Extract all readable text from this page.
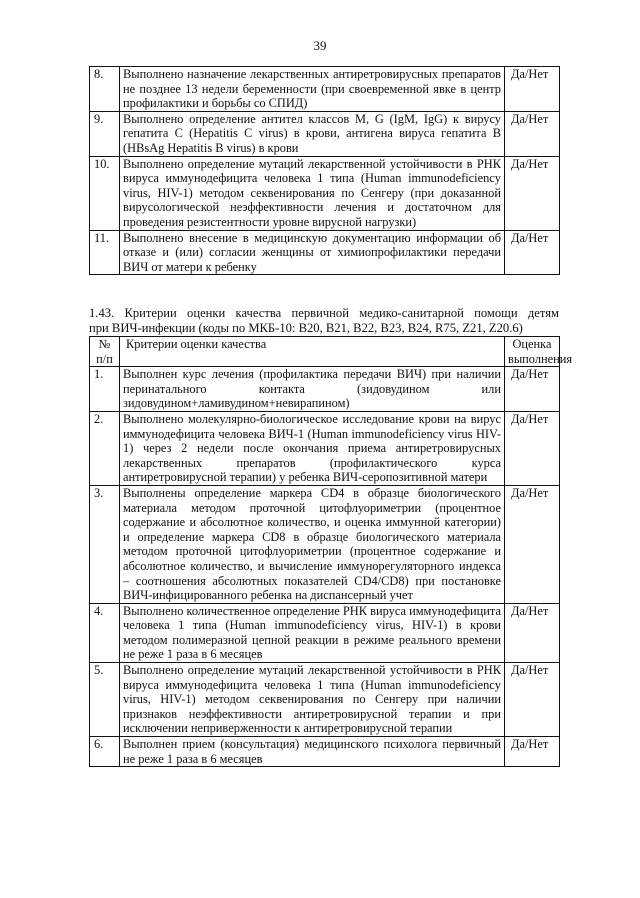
39
8.	Выполнено назначение лекарственных антиретровирусных препаратов не позднее 13 недели беременности (при своевременной явке в центр профилактики и борьбы со СПИД)	Да/Нет
9.	Выполнено определение антител классов M, G (IgM, IgG) к вирусу гепатита C (Hepatitis C virus) в крови, антигена вируса гепатита B (HBsAg Hepatitis B virus) в крови	Да/Нет
10.	Выполнено определение мутаций лекарственной устойчивости в РНК вируса иммунодефицита человека 1 типа (Human immunodeficiency virus, HIV-1) методом секвенирования по Сенгеру (при доказанной вирусологической неэффективности лечения и достаточном для проведения резистентности уровне вирусной нагрузки)	Да/Нет
11.	Выполнено внесение в медицинскую документацию информации об отказе и (или) согласии женщины от химиопрофилактики передачи ВИЧ от матери к ребенку	Да/Нет
1.43. Критерии оценки качества первичной медико-санитарной помощи детям
при ВИЧ-инфекции (коды по МКБ-10: B20, B21, B22, B23, B24, R75, Z21, Z20.6)
№ п/п	Критерии оценки качества	Оценка выполнения
1.	Выполнен курс лечения (профилактика передачи ВИЧ) при наличии перинатального контакта (зидовудином или зидовудином+ламивудином+невирапином)	Да/Нет
2.	Выполнено молекулярно-биологическое исследование крови на вирус иммунодефицита человека ВИЧ-1 (Human immunodeficiency virus HIV-1) через 2 недели после окончания приема антиретровирусных лекарственных препаратов (профилактического курса антиретровирусной терапии) у ребенка ВИЧ-серопозитивной матери	Да/Нет
3.	Выполнены определение маркера CD4 в образце биологического материала методом проточной цитофлуориметрии (процентное содержание и абсолютное количество, и оценка иммунной категории) и определение маркера CD8 в образце биологического материала методом проточной цитофлуориметрии (процентное содержание и абсолютное количество, и вычисление иммунорегуляторного индекса – соотношения абсолютных показателей CD4/CD8) при постановке ВИЧ-инфицированного ребенка на диспансерный учет	Да/Нет
4.	Выполнено количественное определение РНК вируса иммунодефицита человека 1 типа (Human immunodeficiency virus, HIV-1) в крови методом полимеразной цепной реакции в режиме реального времени не реже 1 раза в 6 месяцев	Да/Нет
5.	Выполнено определение мутаций лекарственной устойчивости в РНК вируса иммунодефицита человека 1 типа (Human immunodeficiency virus, HIV-1) методом секвенирования по Сенгеру при наличии признаков неэффективности антиретровирусной терапии и при исключении неприверженности к антиретровирусной терапии	Да/Нет
6.	Выполнен прием (консультация) медицинского психолога первичный не реже 1 раза в 6 месяцев	Да/Нет
